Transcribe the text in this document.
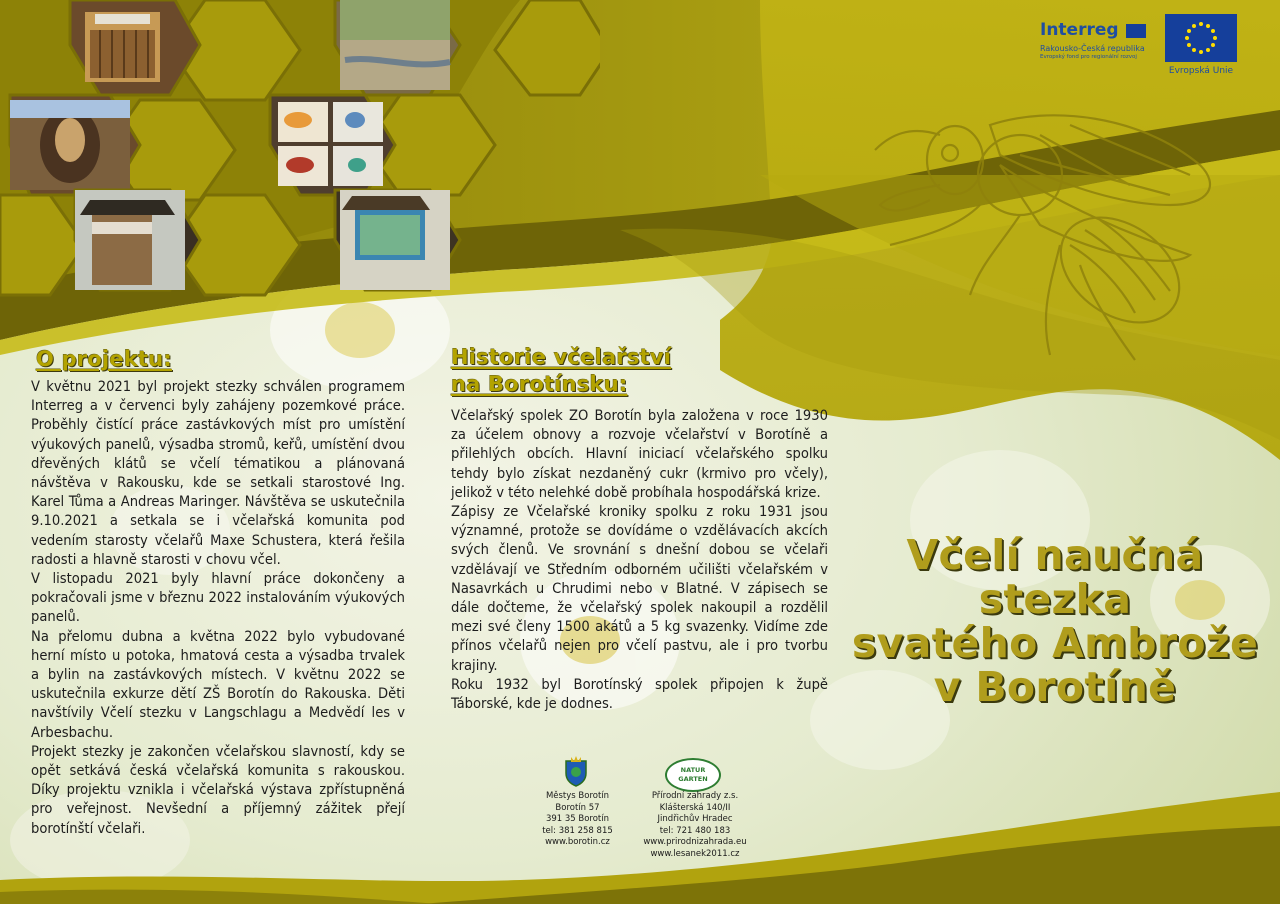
Interreg
Rakousko-Česká republika
Evropský fond pro regionální rozvoj
Evropská Unie
O projektu:

V květnu 2021 byl projekt stezky schválen programem Interreg a v červenci byly zahájeny pozemkové práce. Proběhly čistící práce zastávkových míst pro umístění výukových panelů, výsadba stromů, keřů, umístění dvou dřevěných klátů se včelí tématikou a plánovaná návštěva v Rakousku, kde se setkali starostové Ing. Karel Tůma a Andreas Maringer. Návštěva se uskutečnila 9.10.2021 a setkala se i včelařská komunita pod vedením starosty včelařů Maxe Schustera, která řešila radosti a hlavně starosti v chovu včel.

V listopadu 2021 byly hlavní práce dokončeny a pokračovali jsme v březnu 2022 instalováním výukových panelů.

Na přelomu dubna a května 2022 bylo vybudované herní místo u potoka, hmatová cesta a výsadba trvalek a bylin na zastávkových místech. V květnu 2022 se uskutečnila exkurze dětí ZŠ Borotín do Rakouska. Děti navštívily Včelí stezku v Langschlagu a Medvědí les v Arbesbachu.

Projekt stezky je zakončen včelařskou slavností, kdy se opět setkává česká včelařská komunita s rakouskou. Díky projektu vznikla i včelařská výstava zpřístupněná pro veřejnost. Nevšední a příjemný zážitek přejí borotínští včelaři.

Historie včelařství
na Borotínsku:

Včelařský spolek ZO Borotín byla založena v roce 1930 za účelem obnovy a rozvoje včelařství v Borotíně a přilehlých obcích. Hlavní iniciací včelařského spolku tehdy bylo získat nezdaněný cukr (krmivo pro včely), jelikož v této nelehké době probíhala hospodářská krize.

Zápisy ze Včelařské kroniky spolku z roku 1931 jsou významné, protože se dovídáme o vzdělávacích akcích svých členů. Ve srovnání s dnešní dobou se včelaři vzdělávají ve Středním odborném učilišti včelařském v Nasavrkách u Chrudimi nebo v Blatné. V zápisech se dále dočteme, že včelařský spolek nakoupil a rozdělil mezi své členy 1500 akátů a 5 kg svazenky. Vidíme zde přínos včelařů nejen pro včelí pastvu, ale i pro tvorbu krajiny.

Roku 1932 byl Borotínský spolek připojen k župě Táborské, kde je dodnes.

Městys Borotín
Borotín 57
391 35 Borotín
tel: 381 258 815
www.borotin.cz
NATUR GARTEN
Přírodní zahrady z.s.
Klášterská 140/II
Jindřichův Hradec
tel: 721 480 183
www.prirodnizahrada.eu
www.lesanek2011.cz
Včelí naučná
stezka
svatého Ambrože
v Borotíně
